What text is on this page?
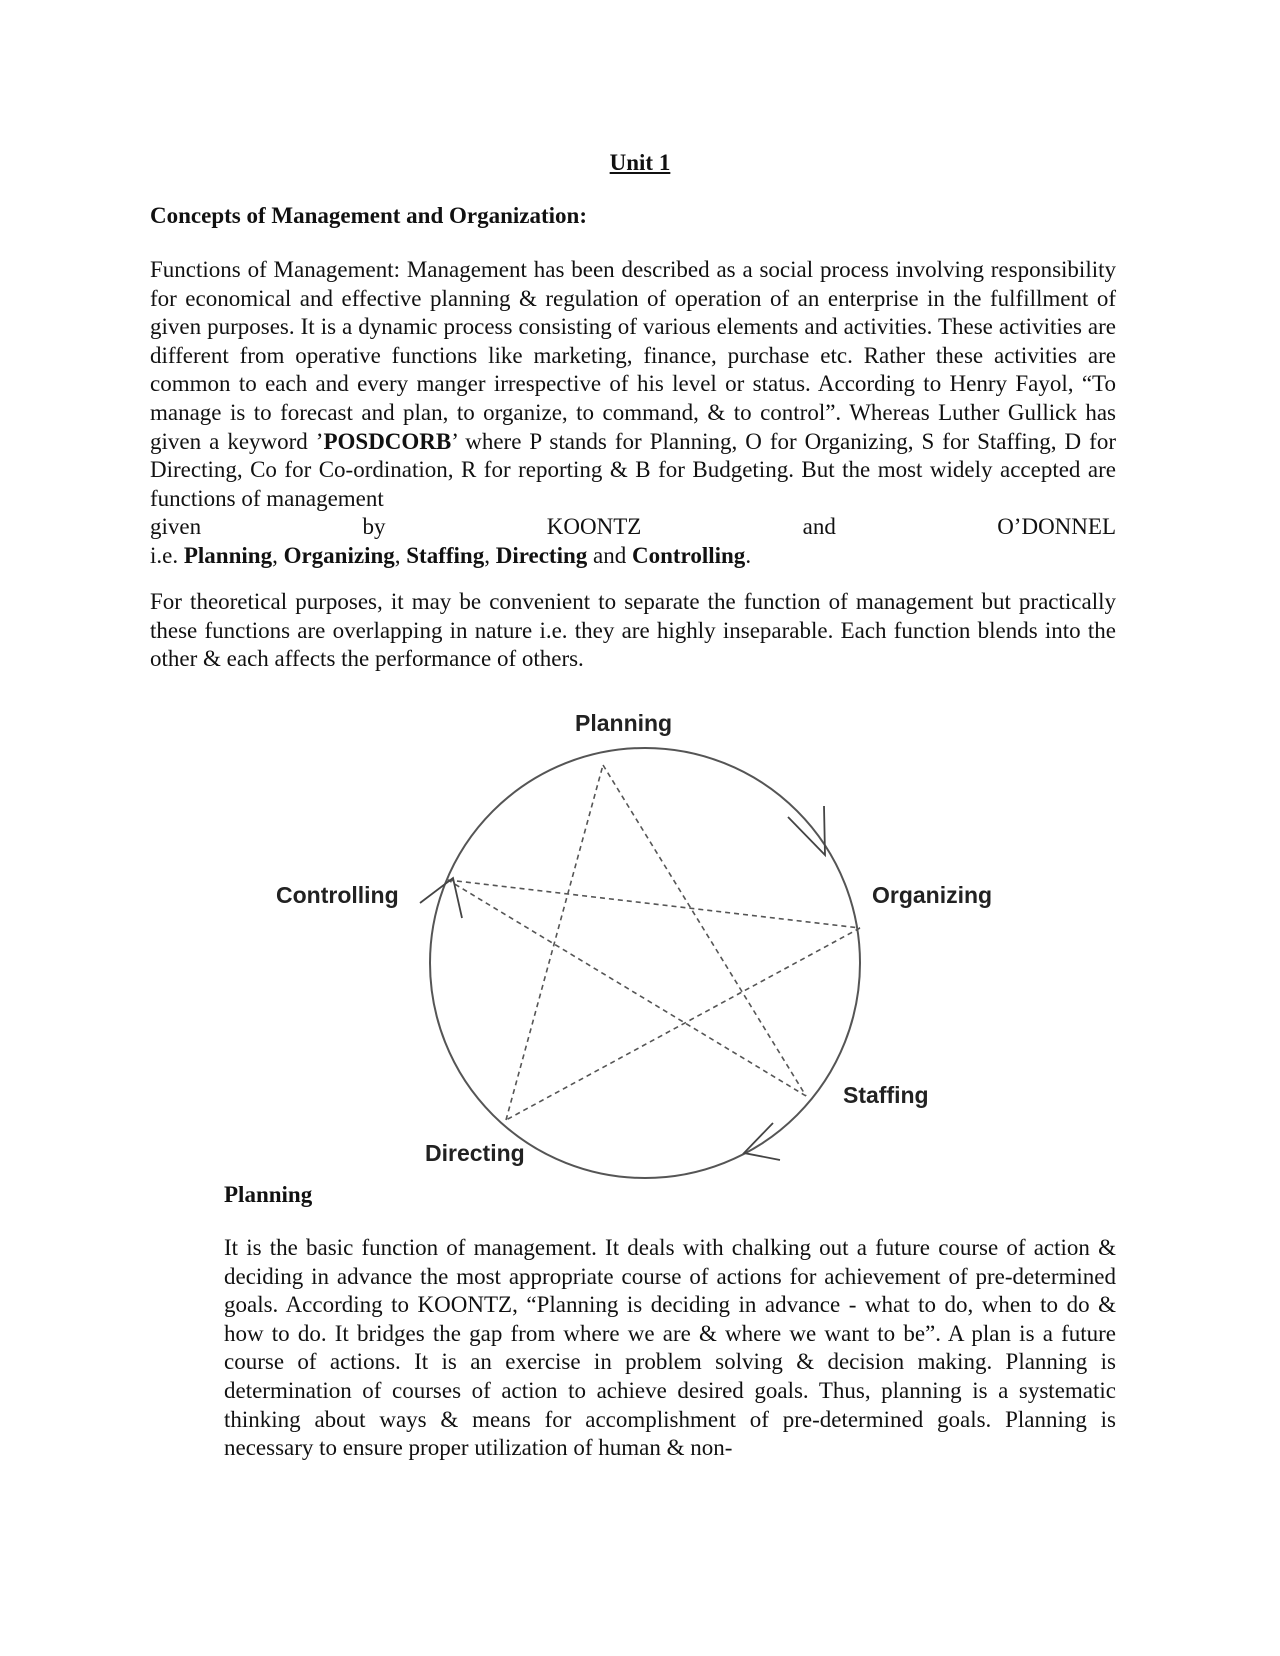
Unit 1
Concepts of Management and Organization:
Functions of Management: Management has been described as a social process involving responsibility for economical and effective planning & regulation of operation of an enterprise in the fulfillment of given purposes. It is a dynamic process consisting of various elements and activities. These activities are different from operative functions like marketing, finance, purchase etc. Rather these activities are common to each and every manger irrespective of his level or status. According to Henry Fayol, “To manage is to forecast and plan, to organize, to command, & to control”. Whereas Luther Gullick has given a keyword ’POSDCORB’ where P stands for Planning, O for Organizing, S for Staffing, D for Directing, Co for Co-ordination, R for reporting & B for Budgeting. But the most widely accepted are functions of management
given	by	KOONTZ	and	O’DONNEL
i.e. Planning, Organizing, Staffing, Directing and Controlling.

For theoretical purposes, it may be convenient to separate the function of management but practically these functions are overlapping in nature i.e. they are highly inseparable. Each function blends into the other & each affects the performance of others.

Planning
Organizing
Controlling
Staffing
Directing
Planning

It is the basic function of management. It deals with chalking out a future course of action & deciding in advance the most appropriate course of actions for achievement of pre-determined goals. According to KOONTZ, “Planning is deciding in advance - what to do, when to do & how to do. It bridges the gap from where we are & where we want to be”. A plan is a future course of actions. It is an exercise in problem solving & decision making. Planning is determination of courses of action to achieve desired goals. Thus, planning is a systematic thinking about ways & means for accomplishment of pre-determined goals. Planning is necessary to ensure proper utilization of human & non-
